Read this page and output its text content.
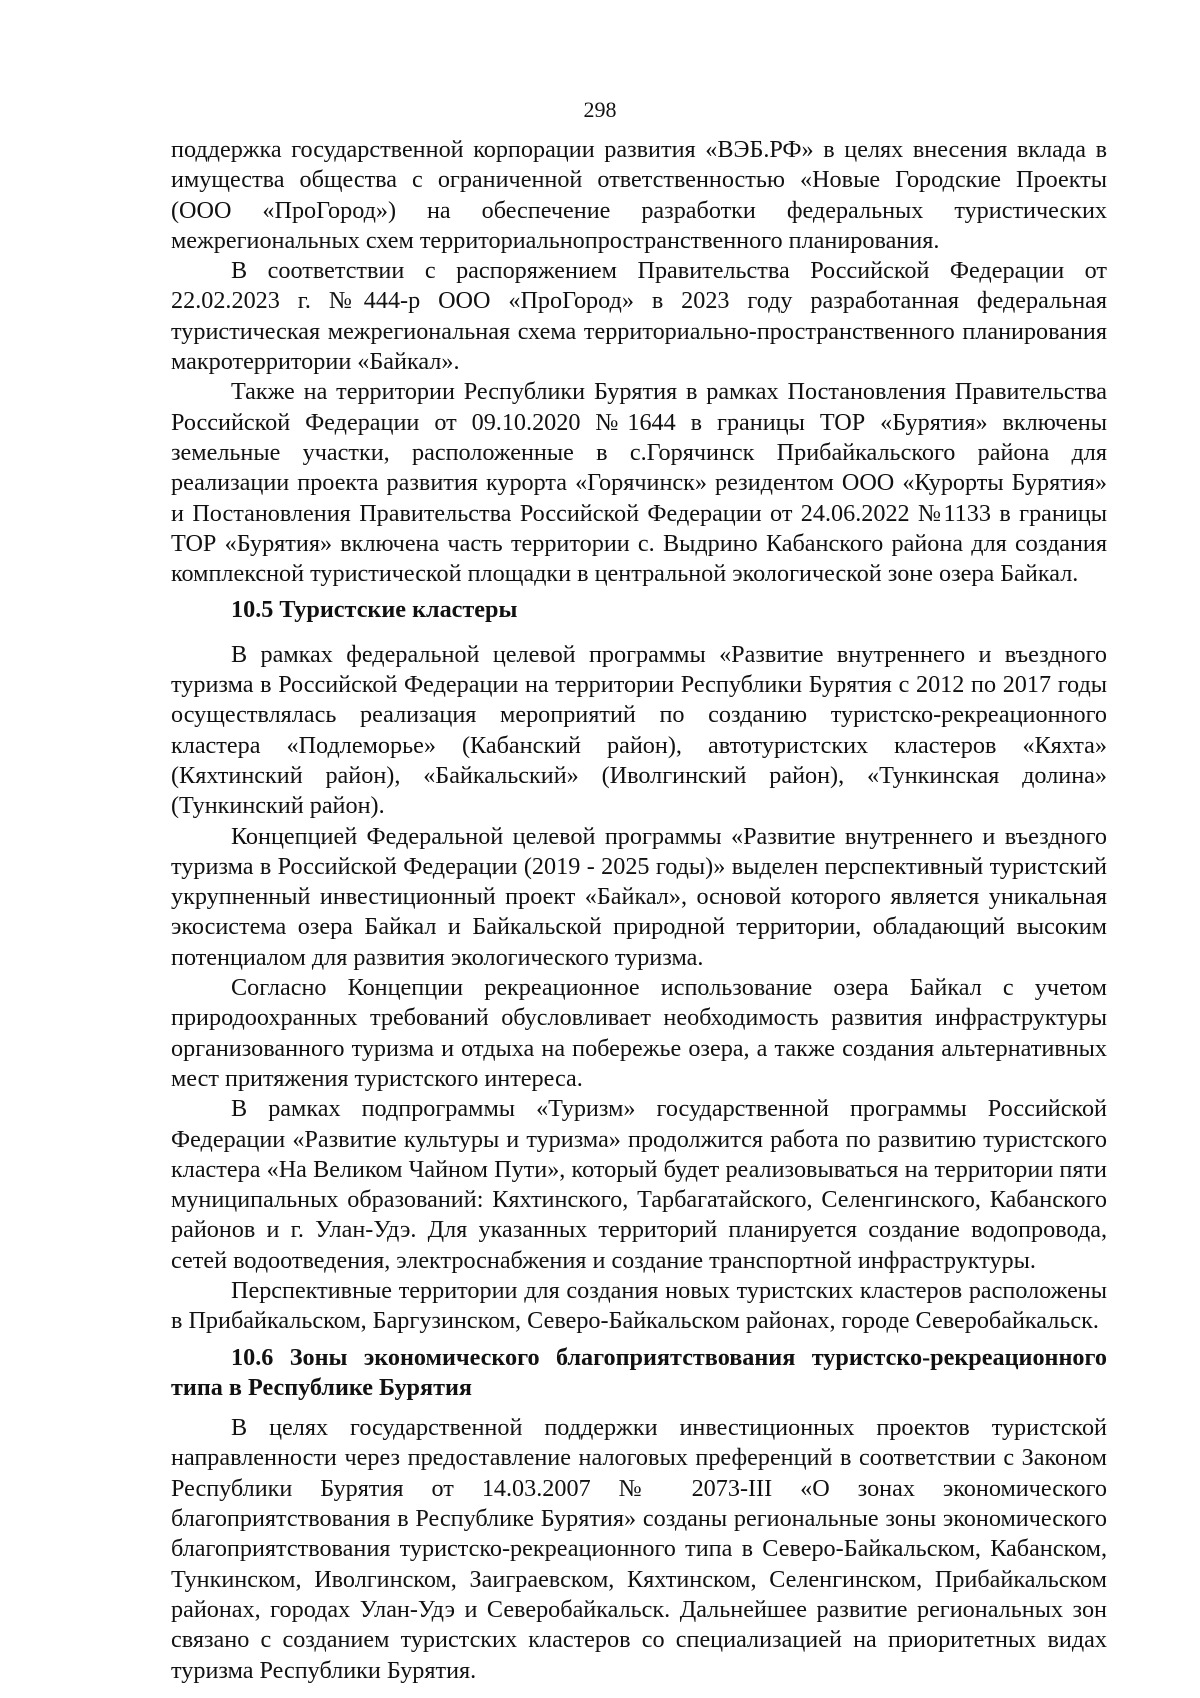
298

поддержка государственной корпорации развития «ВЭБ.РФ» в целях внесения вклада в имущества общества с ограниченной ответственностью «Новые Городские Проекты (ООО «ПроГород») на обеспечение разработки федеральных туристических межрегиональных схем территориальнопространственного планирования.

В соответствии с распоряжением Правительства Российской Федерации от 22.02.2023 г. №444-р ООО «ПроГород» в 2023 году разработанная федеральная туристическая межрегиональная схема территориально-пространственного планирования макротерритории «Байкал».

Также на территории Республики Бурятия в рамках Постановления Правительства Российской Федерации от 09.10.2020 №1644 в границы ТОР «Бурятия» включены земельные участки, расположенные в с.Горячинск Прибайкальского района для реализации проекта развития курорта «Горячинск» резидентом ООО «Курорты Бурятия» и Постановления Правительства Российской Федерации от 24.06.2022 №1133 в границы ТОР «Бурятия» включена часть территории с. Выдрино Кабанского района для создания комплексной туристической площадки в центральной экологической зоне озера Байкал.

10.5 Туристские кластеры

В рамках федеральной целевой программы «Развитие внутреннего и въездного туризма в Российской Федерации на территории Республики Бурятия с 2012 по 2017 годы осуществлялась реализация мероприятий по созданию туристско-рекреационного кластера «Подлеморье» (Кабанский район), автотуристских кластеров «Кяхта» (Кяхтинский район), «Байкальский» (Иволгинский район), «Тункинская долина» (Тункинский район).

Концепцией Федеральной целевой программы «Развитие внутреннего и въездного туризма в Российской Федерации (2019 - 2025 годы)» выделен перспективный туристский укрупненный инвестиционный проект «Байкал», основой которого является уникальная экосистема озера Байкал и Байкальской природной территории, обладающий высоким потенциалом для развития экологического туризма.

Согласно Концепции рекреационное использование озера Байкал с учетом природоохранных требований обусловливает необходимость развития инфраструктуры организованного туризма и отдыха на побережье озера, а также создания альтернативных мест притяжения туристского интереса.

В рамках подпрограммы «Туризм» государственной программы Российской Федерации «Развитие культуры и туризма» продолжится работа по развитию туристского кластера «На Великом Чайном Пути», который будет реализовываться на территории пяти муниципальных образований: Кяхтинского, Тарбагатайского, Селенгинского, Кабанского районов и г. Улан-Удэ. Для указанных территорий планируется создание водопровода, сетей водоотведения, электроснабжения и создание транспортной инфраструктуры.

Перспективные территории для создания новых туристских кластеров расположены в Прибайкальском, Баргузинском, Северо-Байкальском районах, городе Северобайкальск.

10.6 Зоны экономического благоприятствования туристско-рекреационного типа в Республике Бурятия

В целях государственной поддержки инвестиционных проектов туристской направленности через предоставление налоговых преференций в соответствии с Законом Республики Бурятия от 14.03.2007 № 2073-III «О зонах экономического благоприятствования в Республике Бурятия» созданы региональные зоны экономического благоприятствования туристско-рекреационного типа в Северо-Байкальском, Кабанском, Тункинском, Иволгинском, Заиграевском, Кяхтинском, Селенгинском, Прибайкальском районах, городах Улан-Удэ и Северобайкальск. Дальнейшее развитие региональных зон связано с созданием туристских кластеров со специализацией на приоритетных видах туризма Республики Бурятия.
